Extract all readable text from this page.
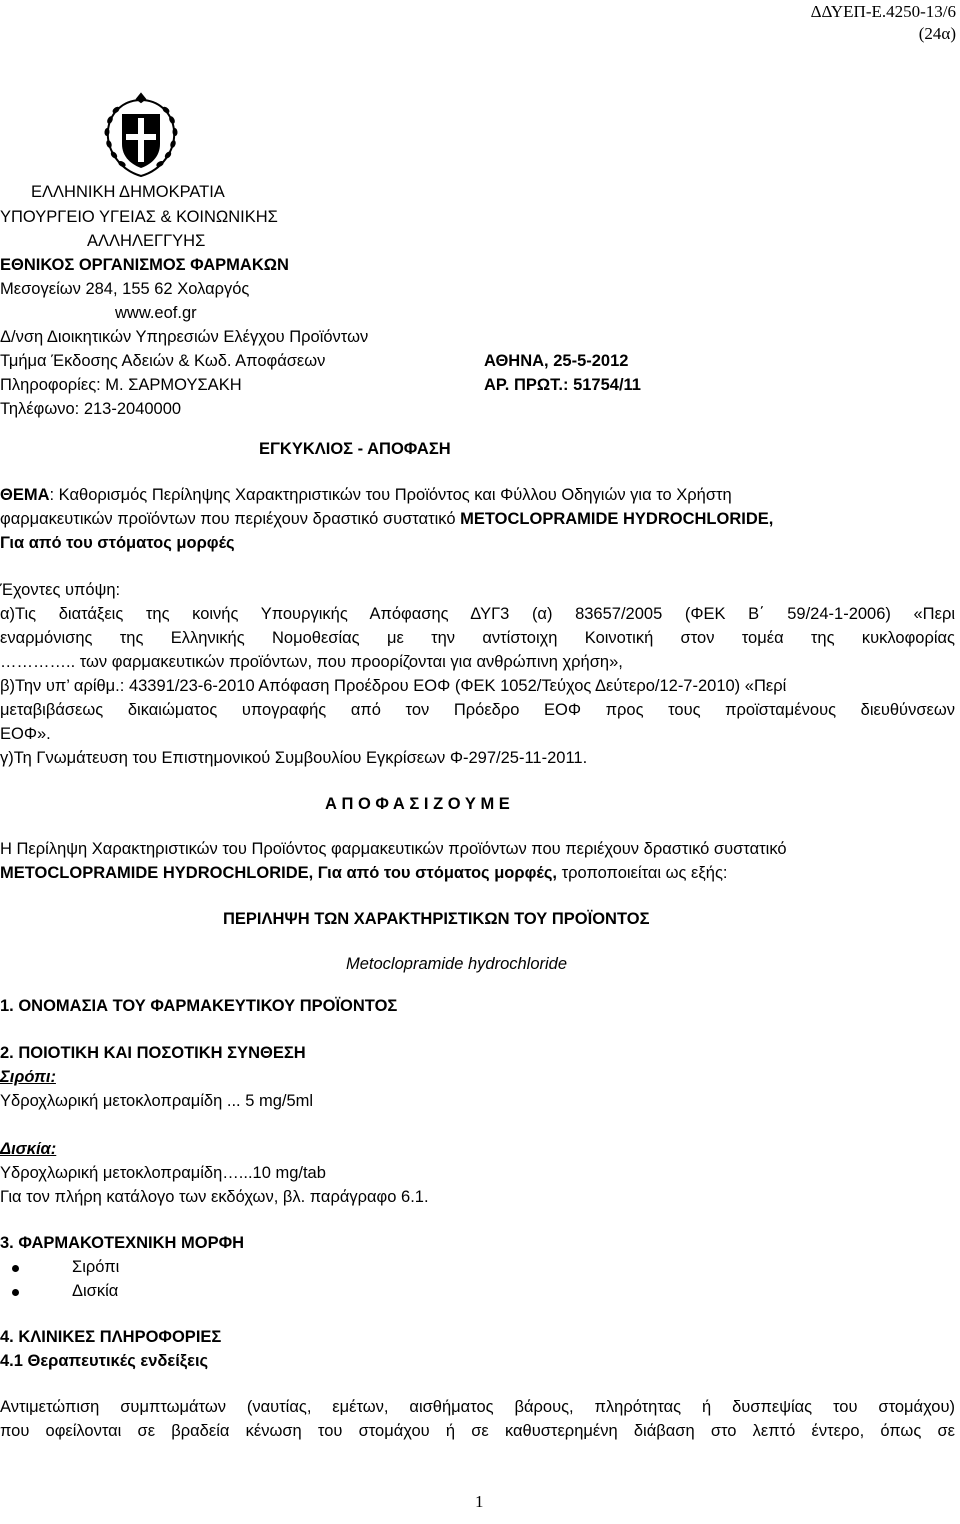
ΔΔΥΕΠ-Ε.4250-13/6
(24α)
ΕΛΛΗΝΙΚΗ ΔΗΜΟΚΡΑΤΙΑ
ΥΠΟΥΡΓΕΙΟ ΥΓΕΙΑΣ & ΚΟΙΝΩΝΙΚΗΣ
ΑΛΛΗΛΕΓΓΥΗΣ
ΕΘΝΙΚΟΣ ΟΡΓΑΝΙΣΜΟΣ ΦΑΡΜΑΚΩΝ
Μεσογείων 284, 155 62 Χολαργός
www.eof.gr
Δ/νση Διοικητικών Υπηρεσιών Ελέγχου Προϊόντων
Τμήμα Έκδοσης Αδειών & Κωδ. Αποφάσεων
Πληροφορίες: Μ. ΣΑΡΜΟΥΣΑΚΗ
Τηλέφωνο: 213-2040000
ΑΘΗΝΑ, 25-5-2012
ΑΡ. ΠΡΩΤ.: 51754/11
ΕΓΚΥΚΛΙΟΣ - ΑΠΟΦΑΣΗ
ΘΕΜΑ: Καθορισμός Περίληψης Χαρακτηριστικών του Προϊόντος και Φύλλου Οδηγιών για το Χρήστη
φαρμακευτικών προϊόντων που περιέχουν δραστικό συστατικό METOCLOPRAMIDE HYDROCHLORIDE,
Για από του στόματος μορφές
Έχοντες υπόψη:
α)Τις διατάξεις της κοινής Υπουργικής Απόφασης ΔΥΓ3 (α) 83657/2005 (ΦΕΚ Β΄ 59/24-1-2006) «Περι
εναρμόνισης της Ελληνικής Νομοθεσίας με την αντίστοιχη Κοινοτική στον τομέα της κυκλοφορίας
………….. των φαρμακευτικών προϊόντων, που προορίζονται για ανθρώπινη χρήση»,
β)Την υπ’ αρίθμ.: 43391/23-6-2010 Απόφαση Προέδρου ΕΟΦ (ΦΕΚ 1052/Τεύχος Δεύτερο/12-7-2010) «Περί
μεταβιβάσεως δικαιώματος υπογραφής από τον Πρόεδρο ΕΟΦ προς τους προϊσταμένους διευθύνσεων
ΕΟΦ».
γ)Τη Γνωμάτευση του Επιστημονικού Συμβουλίου Εγκρίσεων Φ-297/25-11-2011.
Α Π Ο Φ Α Σ Ι Ζ Ο Υ Μ Ε
Η Περίληψη Χαρακτηριστικών του Προϊόντος φαρμακευτικών προϊόντων που περιέχουν δραστικό συστατικό
METOCLOPRAMIDE HYDROCHLORIDE, Για από του στόματος μορφές, τροποποιείται ως εξής:
ΠΕΡΙΛΗΨΗ ΤΩΝ ΧΑΡΑΚΤΗΡΙΣΤΙΚΩΝ ΤΟΥ ΠΡΟΪΟΝΤΟΣ
Metoclopramide hydrochloride
1. ΟΝΟΜΑΣΙΑ ΤΟΥ ΦΑΡΜΑΚΕΥΤΙΚΟΥ ΠΡΟΪΟΝΤΟΣ
2. ΠΟΙΟΤΙΚΗ ΚΑΙ ΠΟΣΟΤΙΚΗ ΣΥΝΘΕΣΗ
Σιρόπι:
Υδροχλωρική μετοκλοπραμίδη ... 5 mg/5ml
Δισκία:
Υδροχλωρική μετοκλοπραμίδη…...10 mg/tab
Για τον πλήρη κατάλογο των εκδόχων, βλ. παράγραφο 6.1.
3. ΦΑΡΜΑΚΟΤΕΧΝΙΚΗ ΜΟΡΦΗ
Σιρόπι
Δισκία
4. ΚΛΙΝΙΚΕΣ ΠΛΗΡΟΦΟΡΙΕΣ
4.1 Θεραπευτικές ενδείξεις
Αντιμετώπιση συμπτωμάτων (ναυτίας, εμέτων, αισθήματος βάρους, πληρότητας ή δυσπεψίας του στομάχου)
που οφείλονται σε βραδεία κένωση του στομάχου ή σε καθυστερημένη διάβαση στο λεπτό έντερο, όπως σε
1
